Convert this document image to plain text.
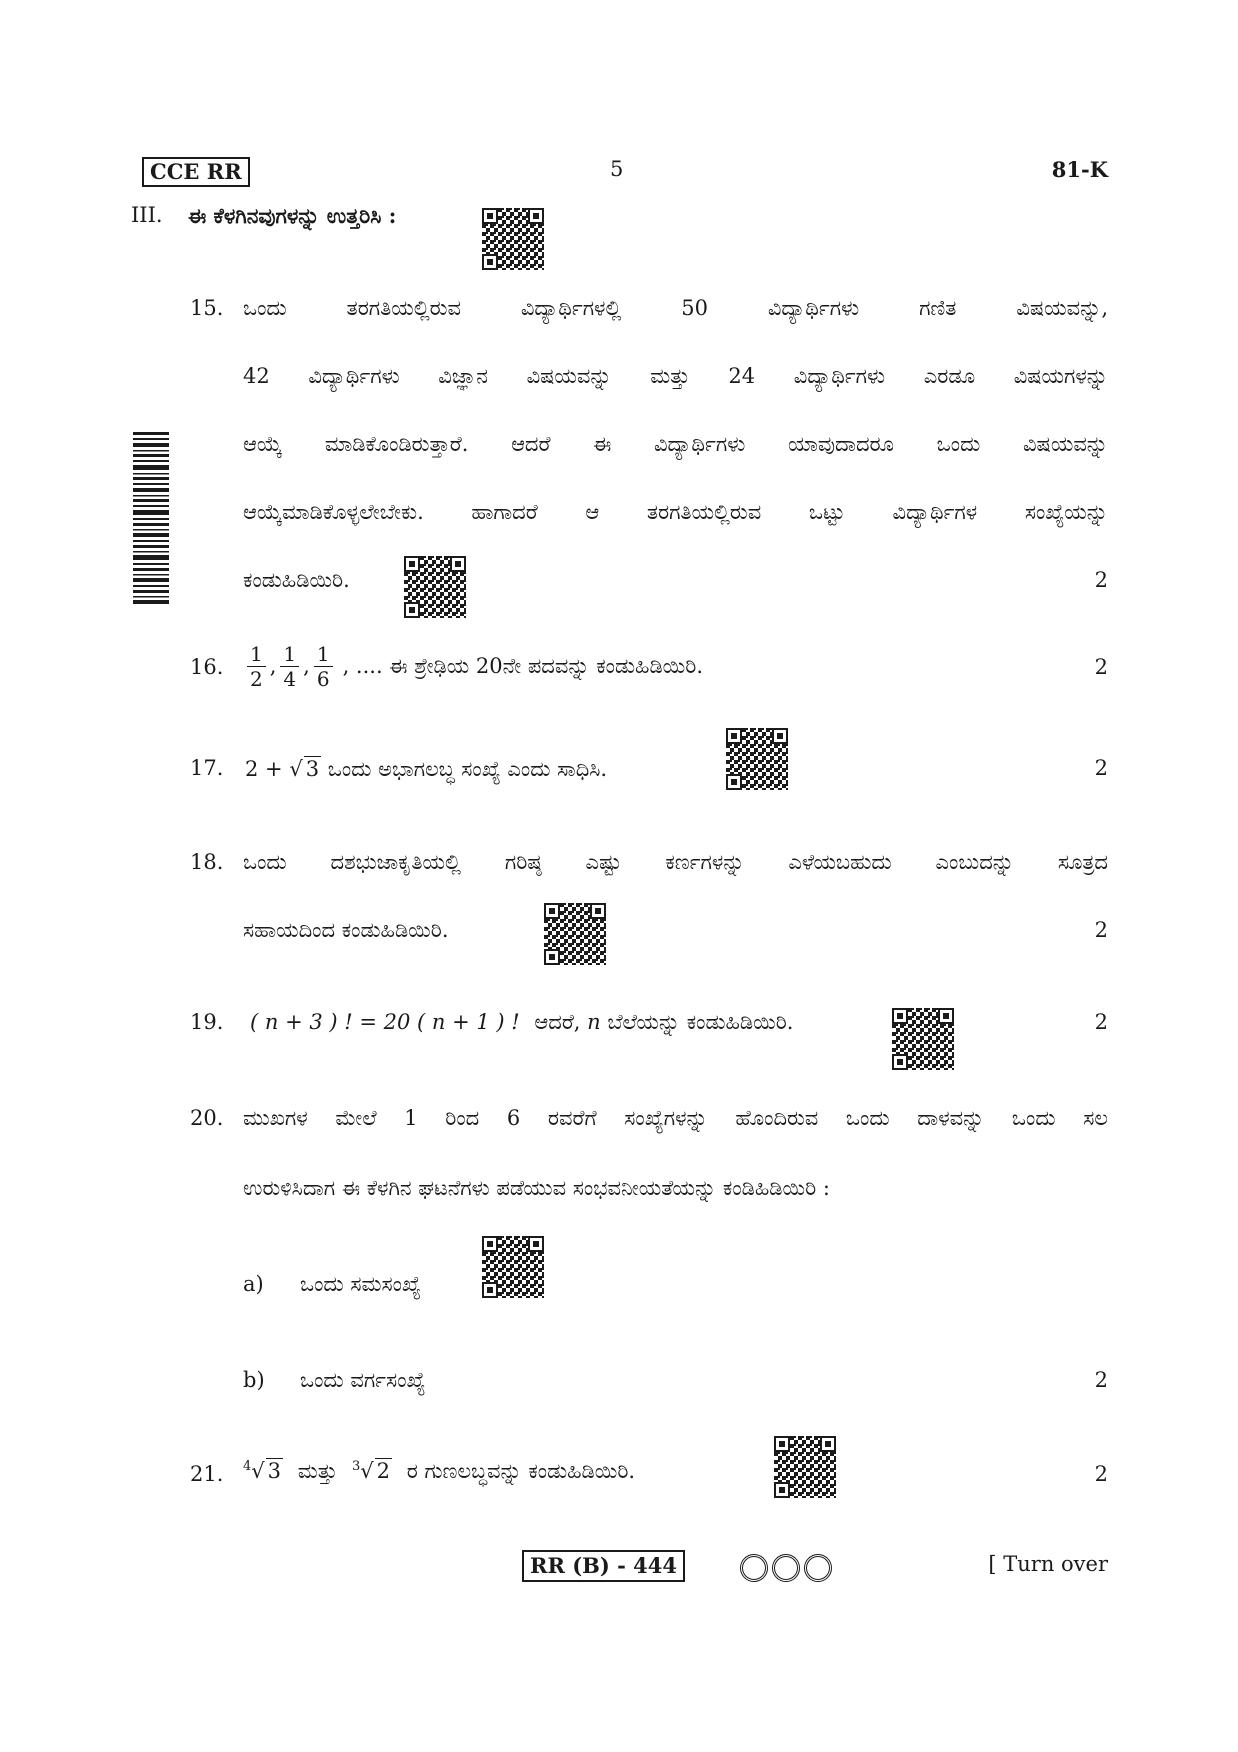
CCE RR	5	81-K
III. ಈ ಕೆಳಗಿನವುಗಳನ್ನು ಉತ್ತರಿಸಿ :
15. ಒಂದು ತರಗತಿಯಲ್ಲಿರುವ ವಿದ್ಯಾರ್ಥಿಗಳಲ್ಲಿ 50 ವಿದ್ಯಾರ್ಥಿಗಳು ಗಣಿತ ವಿಷಯವನ್ನು,
42 ವಿದ್ಯಾರ್ಥಿಗಳು ವಿಜ್ಞಾನ ವಿಷಯವನ್ನು ಮತ್ತು 24 ವಿದ್ಯಾರ್ಥಿಗಳು ಎರಡೂ ವಿಷಯಗಳನ್ನು
ಆಯ್ಕೆ ಮಾಡಿಕೊಂಡಿರುತ್ತಾರೆ. ಆದರೆ ಈ ವಿದ್ಯಾರ್ಥಿಗಳು ಯಾವುದಾದರೂ ಒಂದು ವಿಷಯವನ್ನು
ಆಯ್ಕೆಮಾಡಿಕೊಳ್ಳಲೇಬೇಕು. ಹಾಗಾದರೆ ಆ ತರಗತಿಯಲ್ಲಿರುವ ಒಟ್ಟು ವಿದ್ಯಾರ್ಥಿಗಳ ಸಂಖ್ಯೆಯನ್ನು
ಕಂಡುಹಿಡಿಯಿರಿ.	2
16. $\frac{1}{2}$ , $\frac{1}{4}$ , $\frac{1}{6}$ , .... ಈ ಶ್ರೇಢಿಯ 20ನೇ ಪದವನ್ನು ಕಂಡುಹಿಡಿಯಿರಿ.	2
17. 2 + √ 3 ಒಂದು ಅಭಾಗಲಬ್ಧ ಸಂಖ್ಯೆ ಎಂದು ಸಾಧಿಸಿ.	2
18. ಒಂದು ದಶಭುಜಾಕೃತಿಯಲ್ಲಿ ಗರಿಷ್ಠ ಎಷ್ಟು ಕರ್ಣಗಳನ್ನು ಎಳೆಯಬಹುದು ಎಂಬುದನ್ನು ಸೂತ್ರದ
ಸಹಾಯದಿಂದ ಕಂಡುಹಿಡಿಯಿರಿ.	2
19. ( n + 3 ) ! = 20 ( n + 1 ) ! ಆದರೆ, n ಬೆಲೆಯನ್ನು ಕಂಡುಹಿಡಿಯಿರಿ.	2
20. ಮುಖಗಳ ಮೇಲೆ 1 ರಿಂದ 6 ರವರೆಗೆ ಸಂಖ್ಯೆಗಳನ್ನು ಹೊಂದಿರುವ ಒಂದು ದಾಳವನ್ನು ಒಂದು ಸಲ
ಉರುಳಿಸಿದಾಗ ಈ ಕೆಳಗಿನ ಘಟನೆಗಳು ಪಡೆಯುವ ಸಂಭವನೀಯತೆಯನ್ನು ಕಂಡಿಹಿಡಿಯಿರಿ :
a) ಒಂದು ಸಮಸಂಖ್ಯೆ
b) ಒಂದು ವರ್ಗಸಂಖ್ಯೆ	2
21. $^4$√ 3 ಮತ್ತು $^3$√ 2 ರ ಗುಣಲಬ್ಧವನ್ನು ಕಂಡುಹಿಡಿಯಿರಿ.	2
RR (B) - 444	[ Turn over
